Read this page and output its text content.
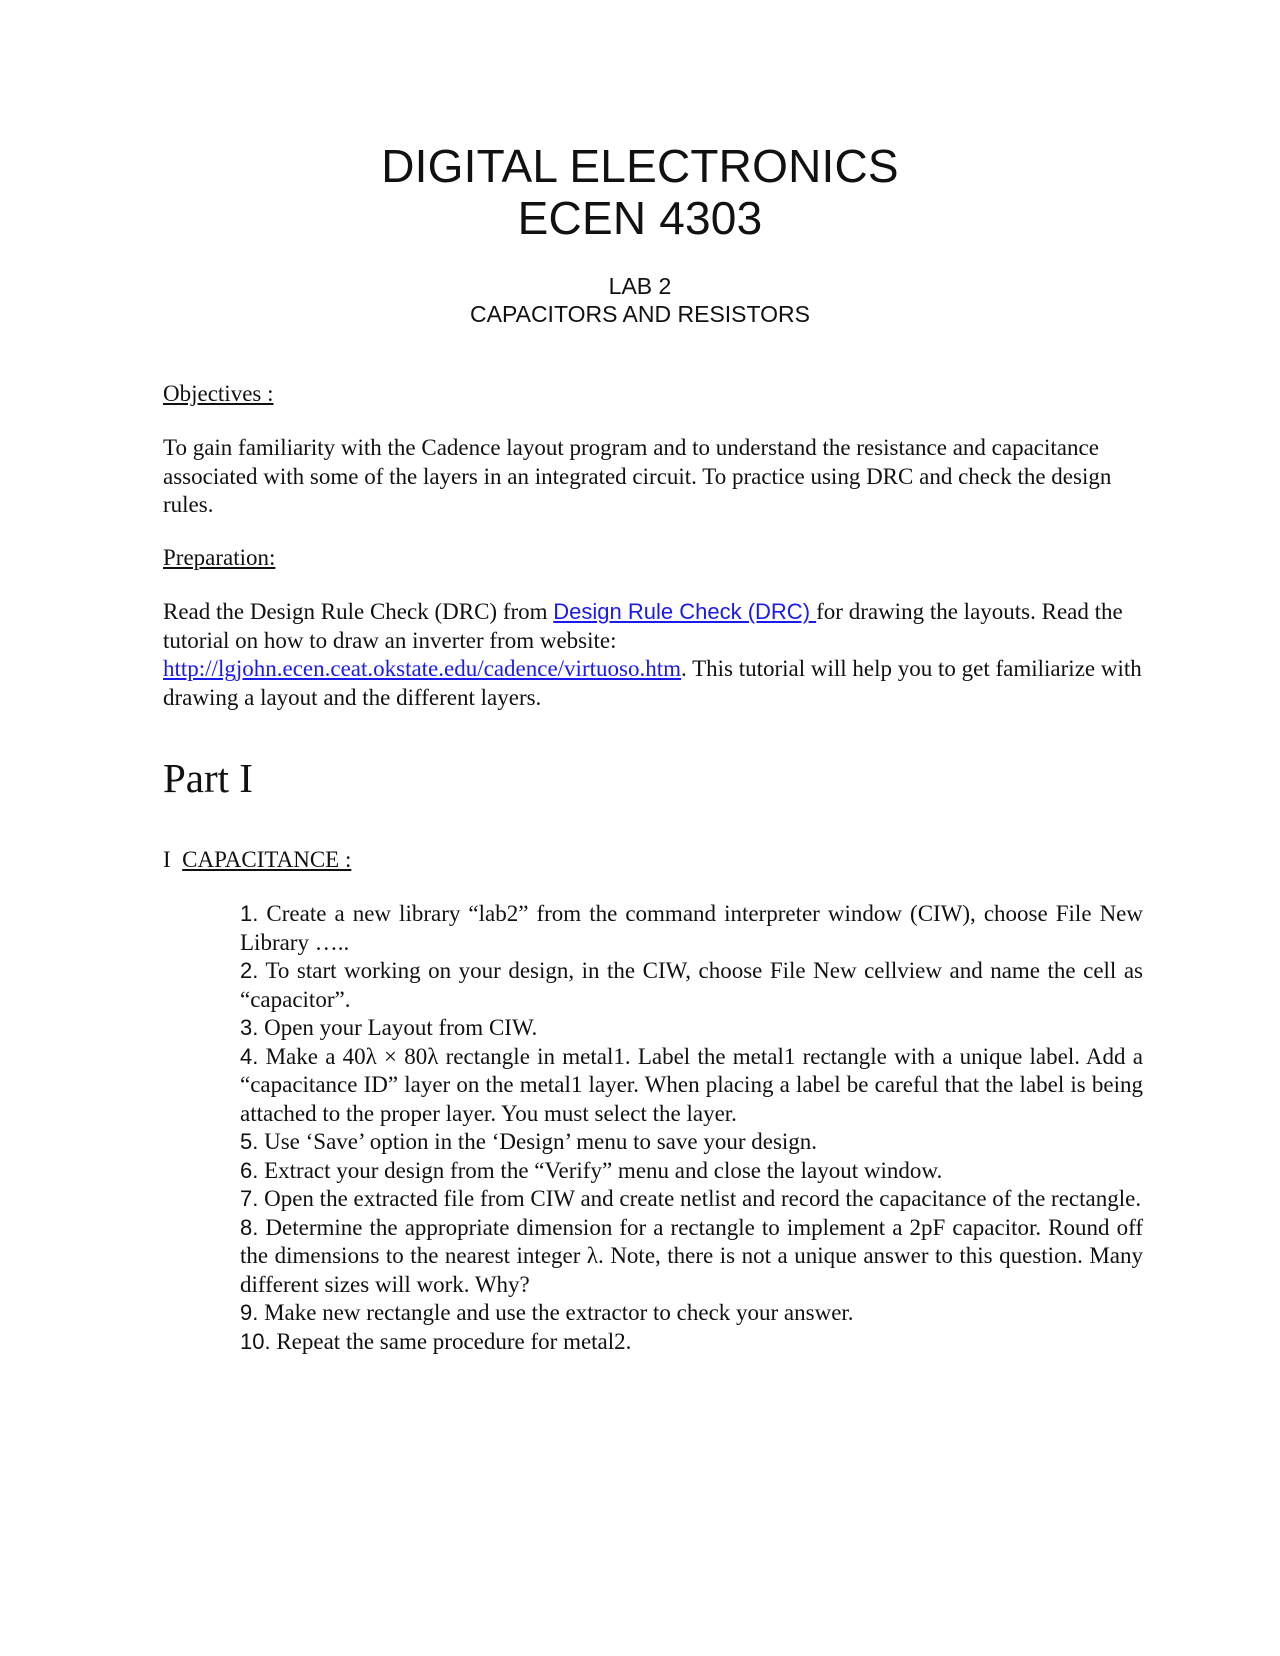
DIGITAL ELECTRONICS
ECEN 4303
LAB 2
CAPACITORS AND RESISTORS
Objectives :
To gain familiarity with the Cadence layout program and to understand the resistance and capacitance associated with some of the layers in an integrated circuit. To practice using DRC and check the design rules.
Preparation:
Read the Design Rule Check (DRC) from Design Rule Check (DRC) for drawing the layouts. Read the tutorial on how to draw an inverter from website: http://lgjohn.ecen.ceat.okstate.edu/cadence/virtuoso.htm. This tutorial will help you to get familiarize with drawing a layout and the different layers.
Part I
I CAPACITANCE :

1. Create a new library “lab2” from the command interpreter window (CIW), choose File New Library …..

2. To start working on your design, in the CIW, choose File New cellview and name the cell as “capacitor”.

3. Open your Layout from CIW.

4. Make a 40λ × 80λ rectangle in metal1. Label the metal1 rectangle with a unique label. Add a “capacitance ID” layer on the metal1 layer. When placing a label be careful that the label is being attached to the proper layer. You must select the layer.

5. Use ‘Save’ option in the ‘Design’ menu to save your design.

6. Extract your design from the “Verify” menu and close the layout window.

7. Open the extracted file from CIW and create netlist and record the capacitance of the rectangle.

8. Determine the appropriate dimension for a rectangle to implement a 2pF capacitor. Round off the dimensions to the nearest integer λ. Note, there is not a unique answer to this question. Many different sizes will work. Why?

9. Make new rectangle and use the extractor to check your answer.

10. Repeat the same procedure for metal2.
